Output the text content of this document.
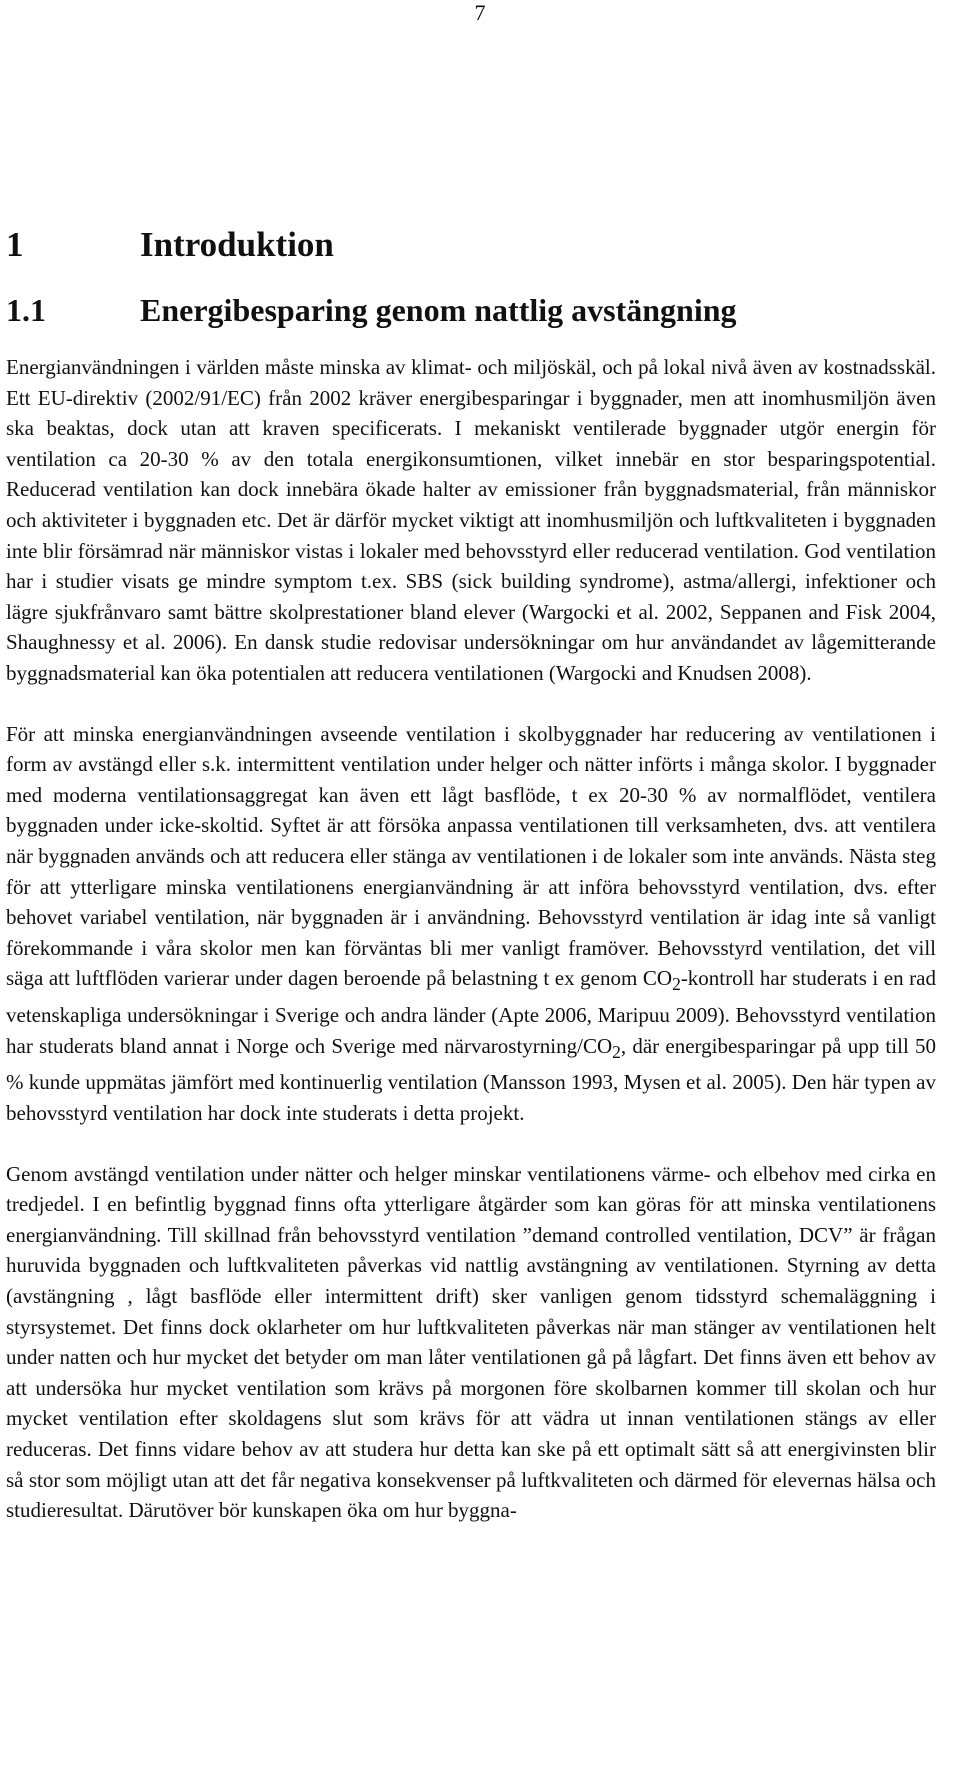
7
1	Introduktion
1.1	Energibesparing genom nattlig avstängning

Energianvändningen i världen måste minska av klimat- och miljöskäl, och på lokal nivå även av kostnadsskäl. Ett EU-direktiv (2002/91/EC) från 2002 kräver energibesparingar i byggnader, men att inomhusmiljön även ska beaktas, dock utan att kraven specificerats. I mekaniskt ventilerade byggnader utgör energin för ventilation ca 20-30 % av den totala energikonsumtionen, vilket innebär en stor besparingspotential. Reducerad ventilation kan dock innebära ökade halter av emissioner från byggnadsmaterial, från människor och aktiviteter i byggnaden etc. Det är därför mycket viktigt att inomhusmiljön och luftkvaliteten i byggnaden inte blir försämrad när människor vistas i lokaler med behovsstyrd eller reducerad ventilation. God ventilation har i studier visats ge mindre symptom t.ex. SBS (sick building syndrome), astma/allergi, infektioner och lägre sjukfrånvaro samt bättre skolprestationer bland elever (Wargocki et al. 2002, Seppanen and Fisk 2004, Shaughnessy et al. 2006). En dansk studie redovisar undersökningar om hur användandet av lågemitterande byggnadsmaterial kan öka potentialen att reducera ventilationen (Wargocki and Knudsen 2008).

För att minska energianvändningen avseende ventilation i skolbyggnader har reducering av ventilationen i form av avstängd eller s.k. intermittent ventilation under helger och nätter införts i många skolor. I byggnader med moderna ventilationsaggregat kan även ett lågt basflöde, t ex 20-30 % av normalflödet, ventilera byggnaden under icke-skoltid. Syftet är att försöka anpassa ventilationen till verksamheten, dvs. att ventilera när byggnaden används och att reducera eller stänga av ventilationen i de lokaler som inte används. Nästa steg för att ytterligare minska ventilationens energianvändning är att införa behovsstyrd ventilation, dvs. efter behovet variabel ventilation, när byggnaden är i användning. Behovsstyrd ventilation är idag inte så vanligt förekommande i våra skolor men kan förväntas bli mer vanligt framöver. Behovsstyrd ventilation, det vill säga att luftflöden varierar under dagen beroende på belastning t ex genom $CO_2$-kontroll har studerats i en rad vetenskapliga undersökningar i Sverige och andra länder (Apte 2006, Maripuu 2009). Behovsstyrd ventilation har studerats bland annat i Norge och Sverige med närvarostyrning/$CO_2$, där energibesparingar på upp till 50 % kunde uppmätas jämfört med kontinuerlig ventilation (Mansson 1993, Mysen et al. 2005). Den här typen av behovsstyrd ventilation har dock inte studerats i detta projekt.

Genom avstängd ventilation under nätter och helger minskar ventilationens värme- och elbehov med cirka en tredjedel. I en befintlig byggnad finns ofta ytterligare åtgärder som kan göras för att minska ventilationens energianvändning. Till skillnad från behovsstyrd ventilation ”demand controlled ventilation, DCV” är frågan huruvida byggnaden och luftkvaliteten påverkas vid nattlig avstängning av ventilationen. Styrning av detta (avstängning , lågt basflöde eller intermittent drift) sker vanligen genom tidsstyrd schemaläggning i styrsystemet. Det finns dock oklarheter om hur luftkvaliteten påverkas när man stänger av ventilationen helt under natten och hur mycket det betyder om man låter ventilationen gå på lågfart. Det finns även ett behov av att undersöka hur mycket ventilation som krävs på morgonen före skolbarnen kommer till skolan och hur mycket ventilation efter skoldagens slut som krävs för att vädra ut innan ventilationen stängs av eller reduceras. Det finns vidare behov av att studera hur detta kan ske på ett optimalt sätt så att energivinsten blir så stor som möjligt utan att det får negativa konsekvenser på luftkvaliteten och därmed för elevernas hälsa och studieresultat. Därutöver bör kunskapen öka om hur byggna-
